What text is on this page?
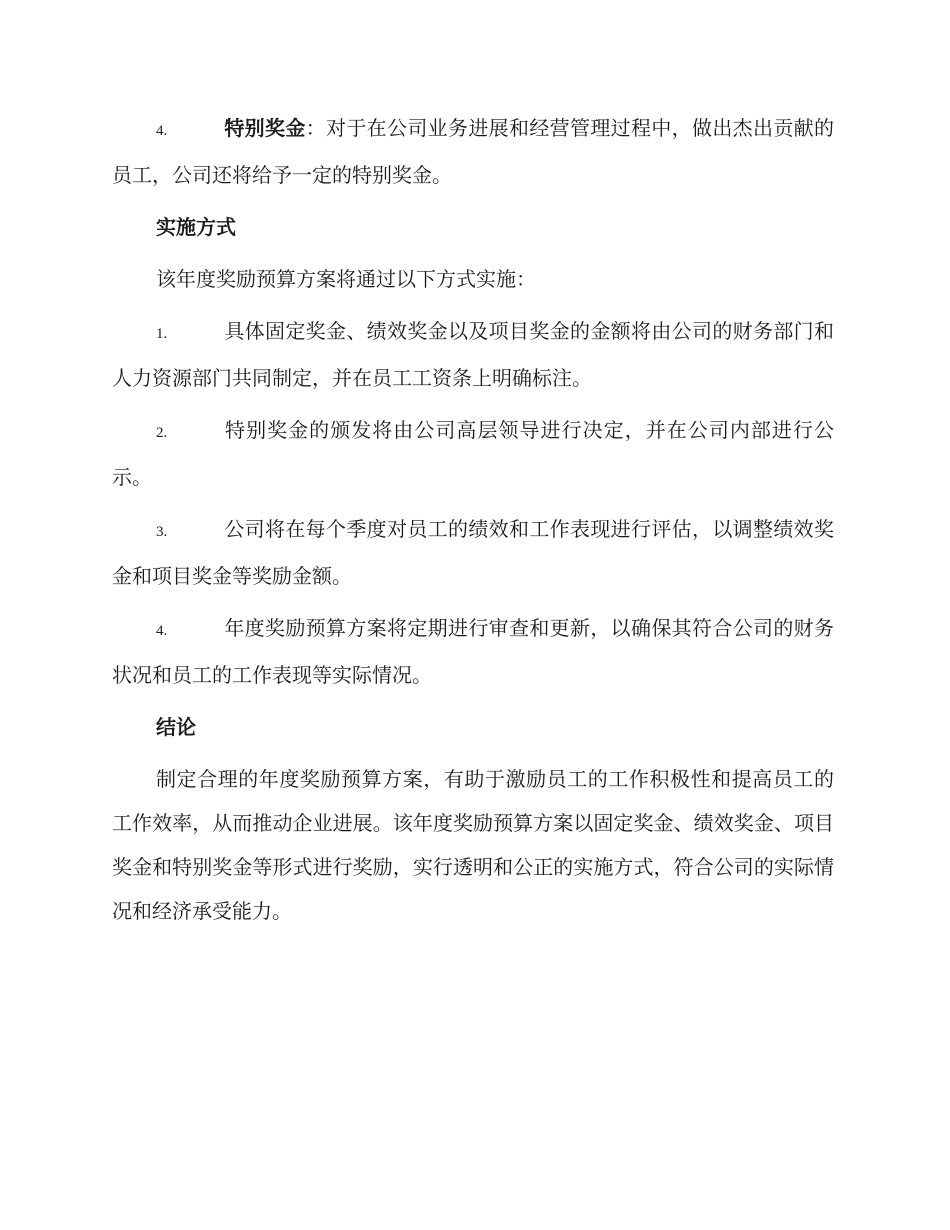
4.	特别奖金：对于在公司业务进展和经营管理过程中，做出杰出贡献的员工，公司还将给予一定的特别奖金。

实施方式

该年度奖励预算方案将通过以下方式实施：

1.	具体固定奖金、绩效奖金以及项目奖金的金额将由公司的财务部门和人力资源部门共同制定，并在员工工资条上明确标注。

2.	特别奖金的颁发将由公司高层领导进行决定，并在公司内部进行公示。

3.	公司将在每个季度对员工的绩效和工作表现进行评估，以调整绩效奖金和项目奖金等奖励金额。

4.	年度奖励预算方案将定期进行审查和更新，以确保其符合公司的财务状况和员工的工作表现等实际情况。

结论

制定合理的年度奖励预算方案，有助于激励员工的工作积极性和提高员工的工作效率，从而推动企业进展。该年度奖励预算方案以固定奖金、绩效奖金、项目奖金和特别奖金等形式进行奖励，实行透明和公正的实施方式，符合公司的实际情况和经济承受能力。
